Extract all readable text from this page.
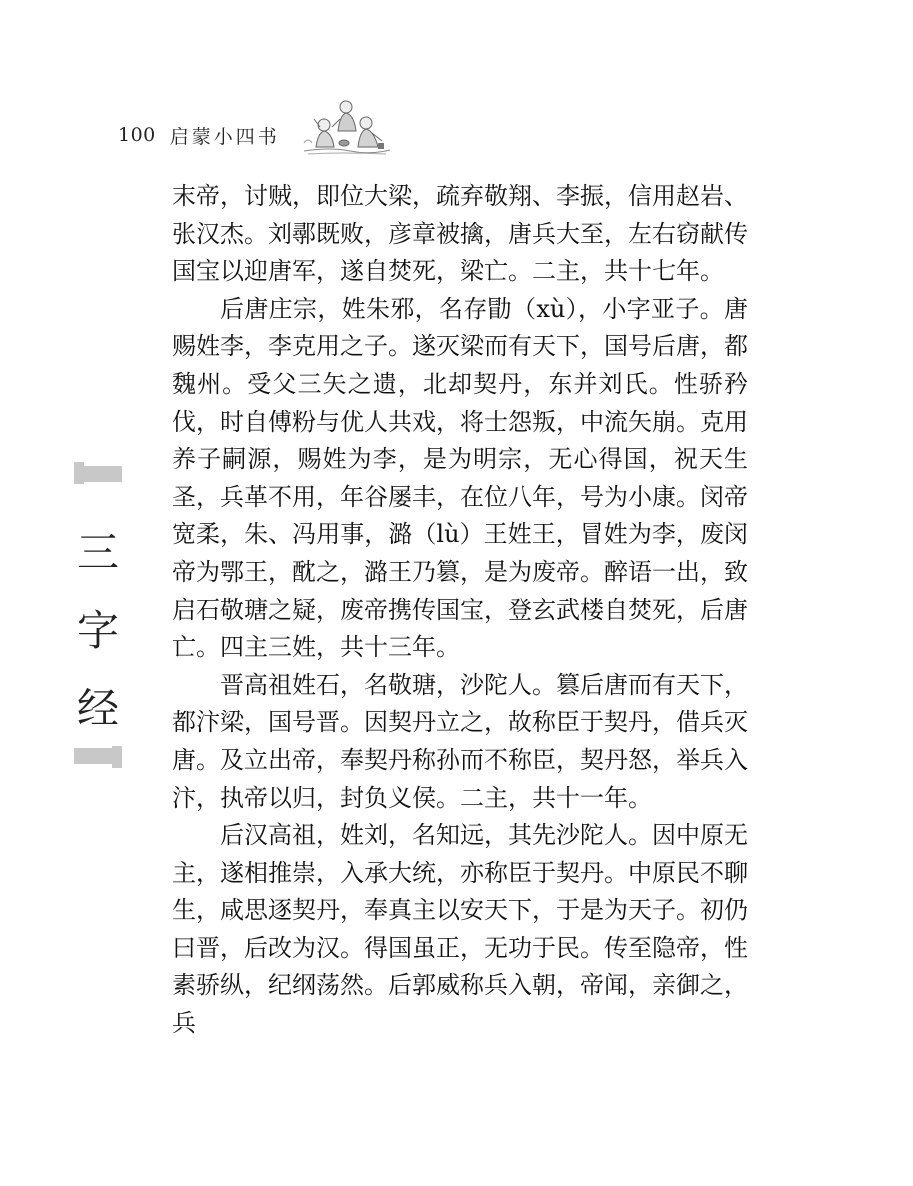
100 启蒙小四书
三
字
经

末帝，讨贼，即位大梁，疏弃敬翔、李振，信用赵岩、张汉杰。刘鄩既败，彦章被擒，唐兵大至，左右窃献传国宝以迎唐军，遂自焚死，梁亡。二主，共十七年。

后唐庄宗，姓朱邪，名存勖（xù），小字亚子。唐赐姓李，李克用之子。遂灭梁而有天下，国号后唐，都魏州。受父三矢之遗，北却契丹，东并刘氏。性骄矜伐，时自傅粉与优人共戏，将士怨叛，中流矢崩。克用养子嗣源，赐姓为李，是为明宗，无心得国，祝天生圣，兵革不用，年谷屡丰，在位八年，号为小康。闵帝宽柔，朱、冯用事，潞（lù）王姓王，冒姓为李，废闵帝为鄂王，酖之，潞王乃篡，是为废帝。醉语一出，致启石敬瑭之疑，废帝携传国宝，登玄武楼自焚死，后唐亡。四主三姓，共十三年。

晋高祖姓石，名敬瑭，沙陀人。篡后唐而有天下，都汴梁，国号晋。因契丹立之，故称臣于契丹，借兵灭唐。及立出帝，奉契丹称孙而不称臣，契丹怒，举兵入汴，执帝以归，封负义侯。二主，共十一年。

后汉高祖，姓刘，名知远，其先沙陀人。因中原无主，遂相推崇，入承大统，亦称臣于契丹。中原民不聊生，咸思逐契丹，奉真主以安天下，于是为天子。初仍曰晋，后改为汉。得国虽正，无功于民。传至隐帝，性素骄纵，纪纲荡然。后郭威称兵入朝，帝闻，亲御之，兵
